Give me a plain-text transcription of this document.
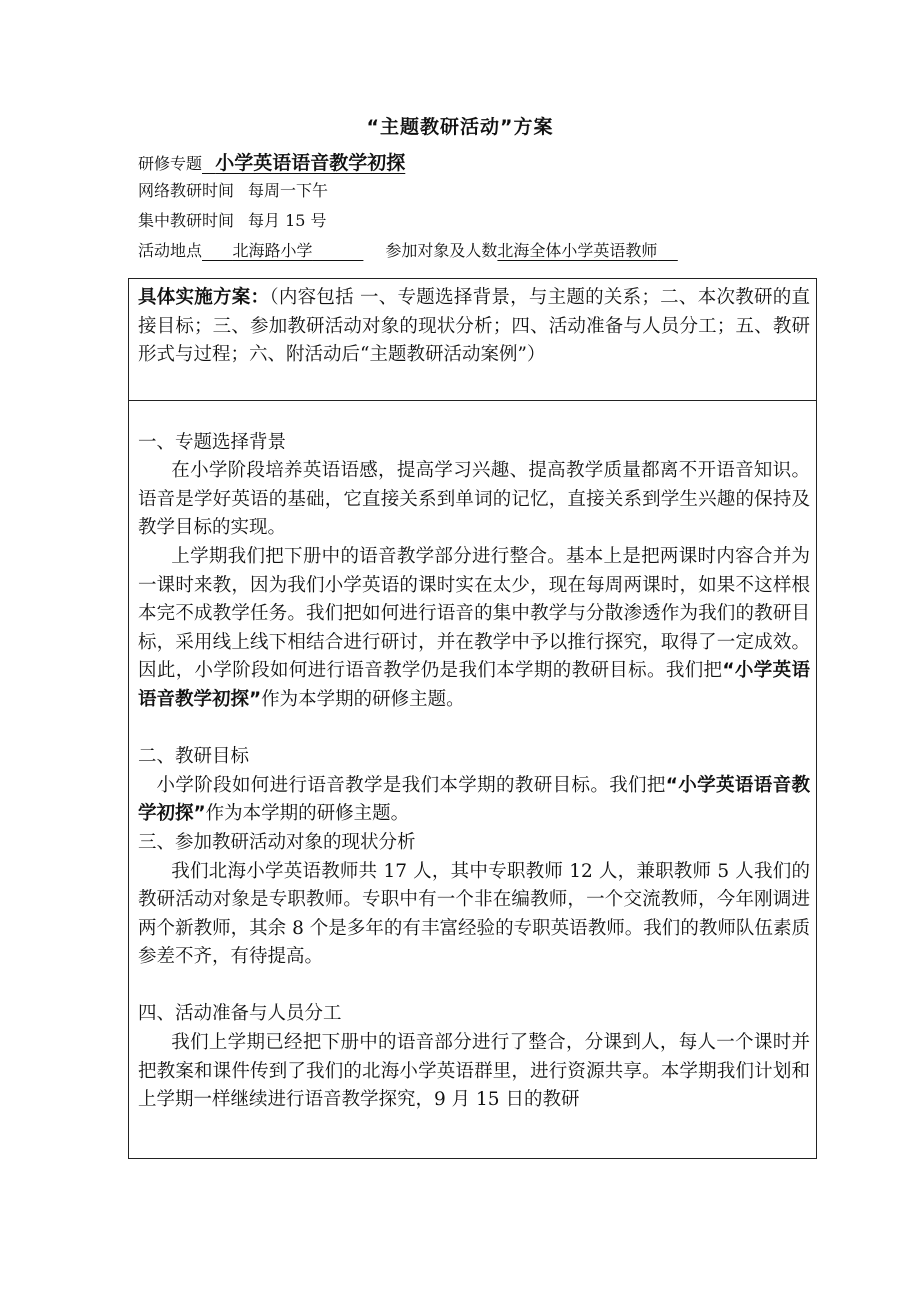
“主题教研活动”方案
研修专题 小学英语语音教学初探
网络教研时间 每周一下午
集中教研时间 每月 15 号
活动地点 北海路小学	参加对象及人数北海全体小学英语教师

具体实施方案：（内容包括 一、专题选择背景，与主题的关系；二、本次教研的直接目标；三、参加教研活动对象的现状分析；四、活动准备与人员分工；五、教研形式与过程；六、附活动后“主题教研活动案例”）

一、专题选择背景

在小学阶段培养英语语感，提高学习兴趣、提高教学质量都离不开语音知识。语音是学好英语的基础，它直接关系到单词的记忆，直接关系到学生兴趣的保持及教学目标的实现。

上学期我们把下册中的语音教学部分进行整合。基本上是把两课时内容合并为一课时来教，因为我们小学英语的课时实在太少，现在每周两课时，如果不这样根本完不成教学任务。我们把如何进行语音的集中教学与分散渗透作为我们的教研目标，采用线上线下相结合进行研讨，并在教学中予以推行探究，取得了一定成效。因此，小学阶段如何进行语音教学仍是我们本学期的教研目标。我们把“小学英语语音教学初探”作为本学期的研修主题。

二、教研目标

小学阶段如何进行语音教学是我们本学期的教研目标。我们把“小学英语语音教学初探”作为本学期的研修主题。

三、参加教研活动对象的现状分析

我们北海小学英语教师共 17 人，其中专职教师 12 人，兼职教师 5 人我们的教研活动对象是专职教师。专职中有一个非在编教师，一个交流教师，今年刚调进两个新教师，其余 8 个是多年的有丰富经验的专职英语教师。我们的教师队伍素质参差不齐，有待提高。

四、活动准备与人员分工

我们上学期已经把下册中的语音部分进行了整合，分课到人，每人一个课时并把教案和课件传到了我们的北海小学英语群里，进行资源共享。本学期我们计划和上学期一样继续进行语音教学探究，9 月 15 日的教研
